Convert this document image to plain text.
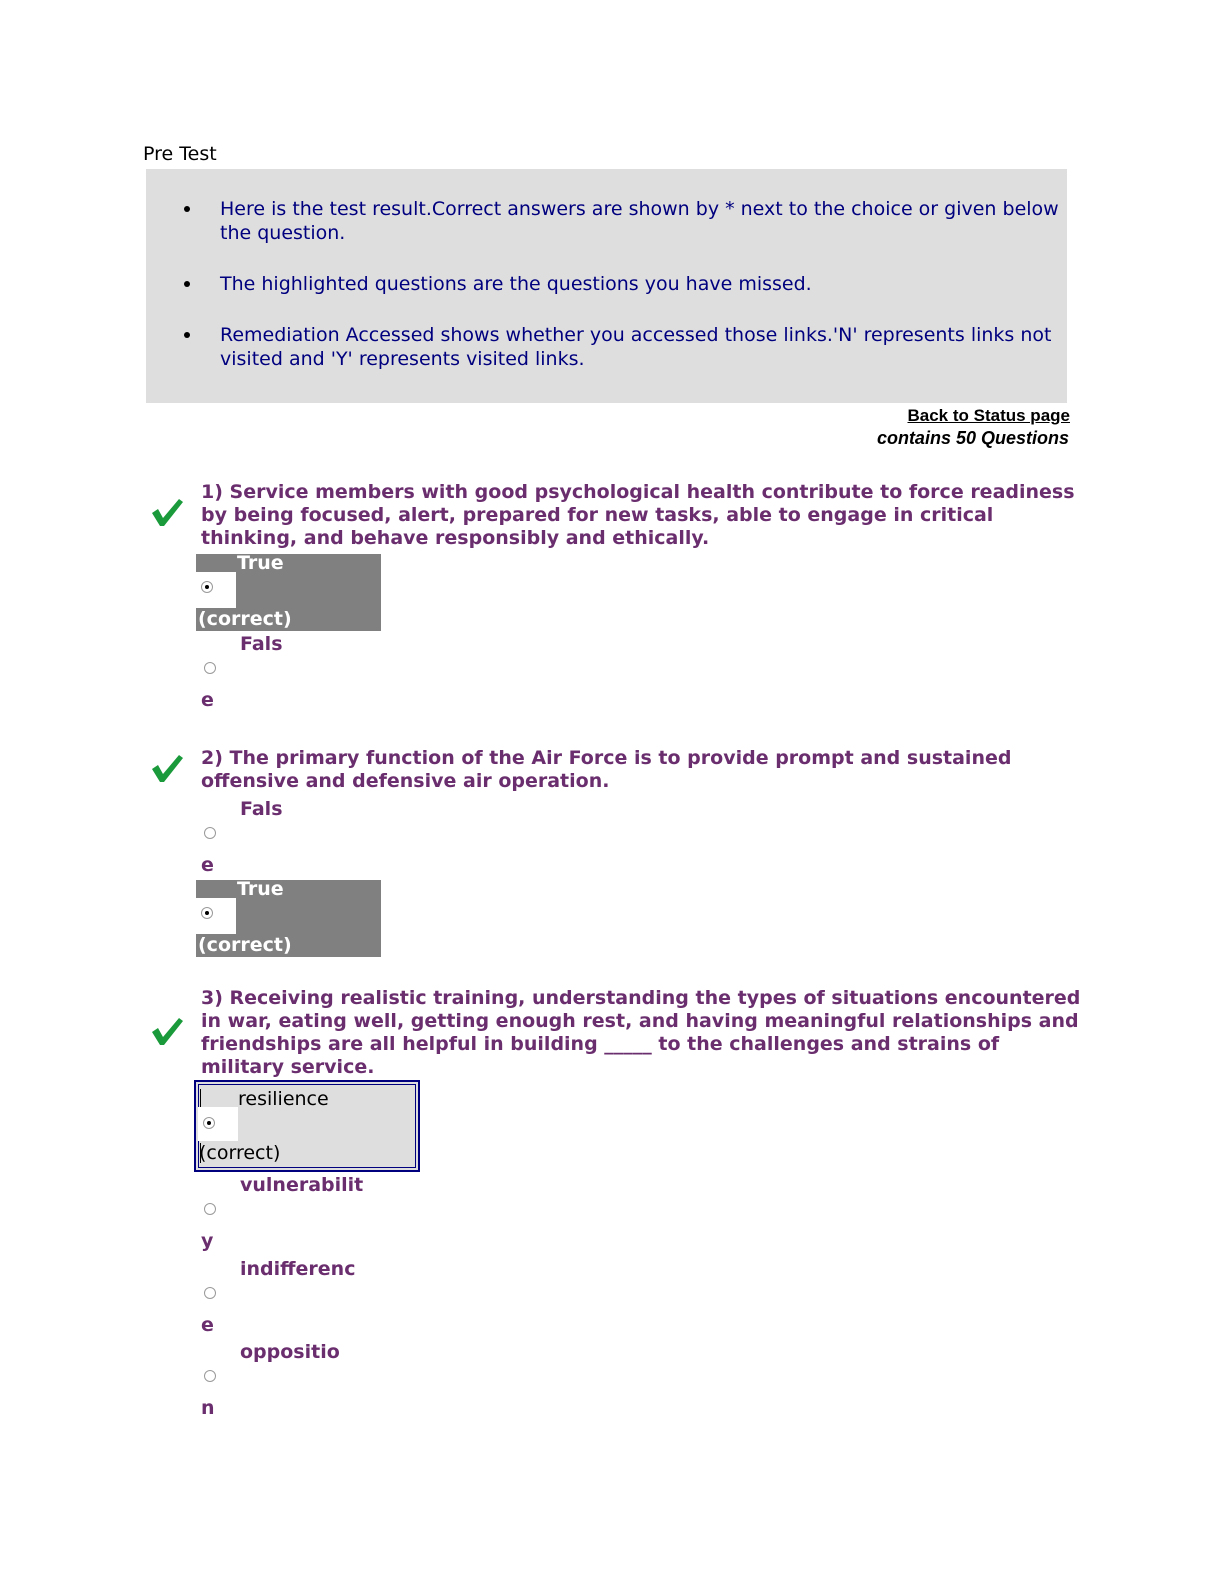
Pre Test
Here is the test result.Correct answers are shown by * next to the choice or given below the question.
The highlighted questions are the questions you have missed.
Remediation Accessed shows whether you accessed those links.'N' represents links not visited and 'Y' represents visited links.
Back to Status page
contains 50 Questions
1) Service members with good psychological health contribute to force readiness by being focused, alert, prepared for new tasks, able to engage in critical thinking, and behave responsibly and ethically.
True
(correct)
Fals
e
2) The primary function of the Air Force is to provide prompt and sustained offensive and defensive air operation.
Fals
e
True
(correct)
3) Receiving realistic training, understanding the types of situations encountered in war, eating well, getting enough rest, and having meaningful relationships and friendships are all helpful in building _____ to the challenges and strains of military service.
resilience
(correct)
vulnerabilit
y
indifferenc
e
oppositio
n
